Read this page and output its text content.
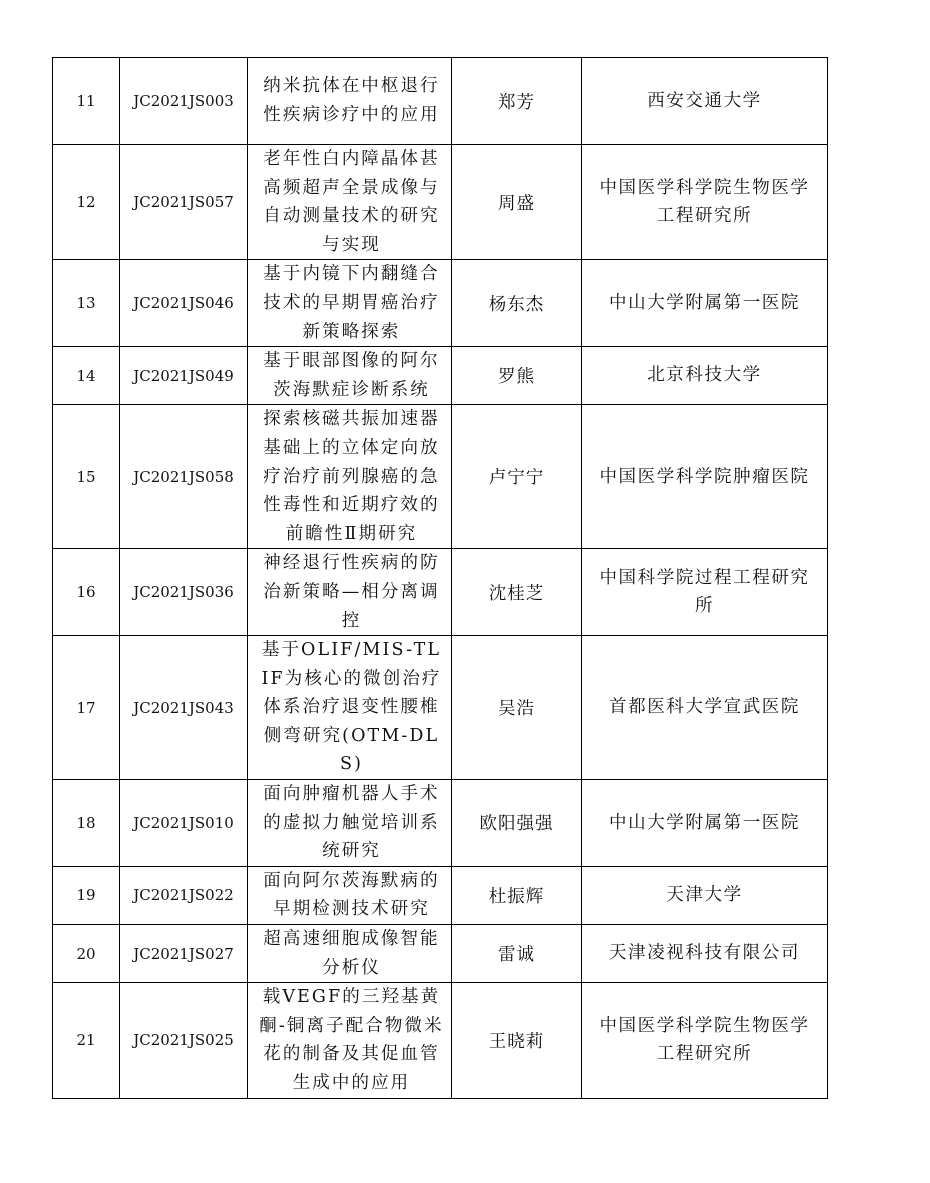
11	JC2021JS003	纳米抗体在中枢退行性疾病诊疗中的应用	郑芳	西安交通大学
12	JC2021JS057	老年性白内障晶体甚高频超声全景成像与自动测量技术的研究与实现	周盛	中国医学科学院生物医学工程研究所
13	JC2021JS046	基于内镜下内翻缝合技术的早期胃癌治疗新策略探索	杨东杰	中山大学附属第一医院
14	JC2021JS049	基于眼部图像的阿尔茨海默症诊断系统	罗熊	北京科技大学
15	JC2021JS058	探索核磁共振加速器基础上的立体定向放疗治疗前列腺癌的急性毒性和近期疗效的前瞻性Ⅱ期研究	卢宁宁	中国医学科学院肿瘤医院
16	JC2021JS036	神经退行性疾病的防治新策略—相分离调控	沈桂芝	中国科学院过程工程研究所
17	JC2021JS043	基于OLIF/MIS-TLIF为核心的微创治疗体系治疗退变性腰椎侧弯研究(OTM-DLS)	吴浩	首都医科大学宣武医院
18	JC2021JS010	面向肿瘤机器人手术的虚拟力触觉培训系统研究	欧阳强强	中山大学附属第一医院
19	JC2021JS022	面向阿尔茨海默病的早期检测技术研究	杜振辉	天津大学
20	JC2021JS027	超高速细胞成像智能分析仪	雷诚	天津凌视科技有限公司
21	JC2021JS025	载VEGF的三羟基黄酮-铜离子配合物微米花的制备及其促血管生成中的应用	王晓莉	中国医学科学院生物医学工程研究所
